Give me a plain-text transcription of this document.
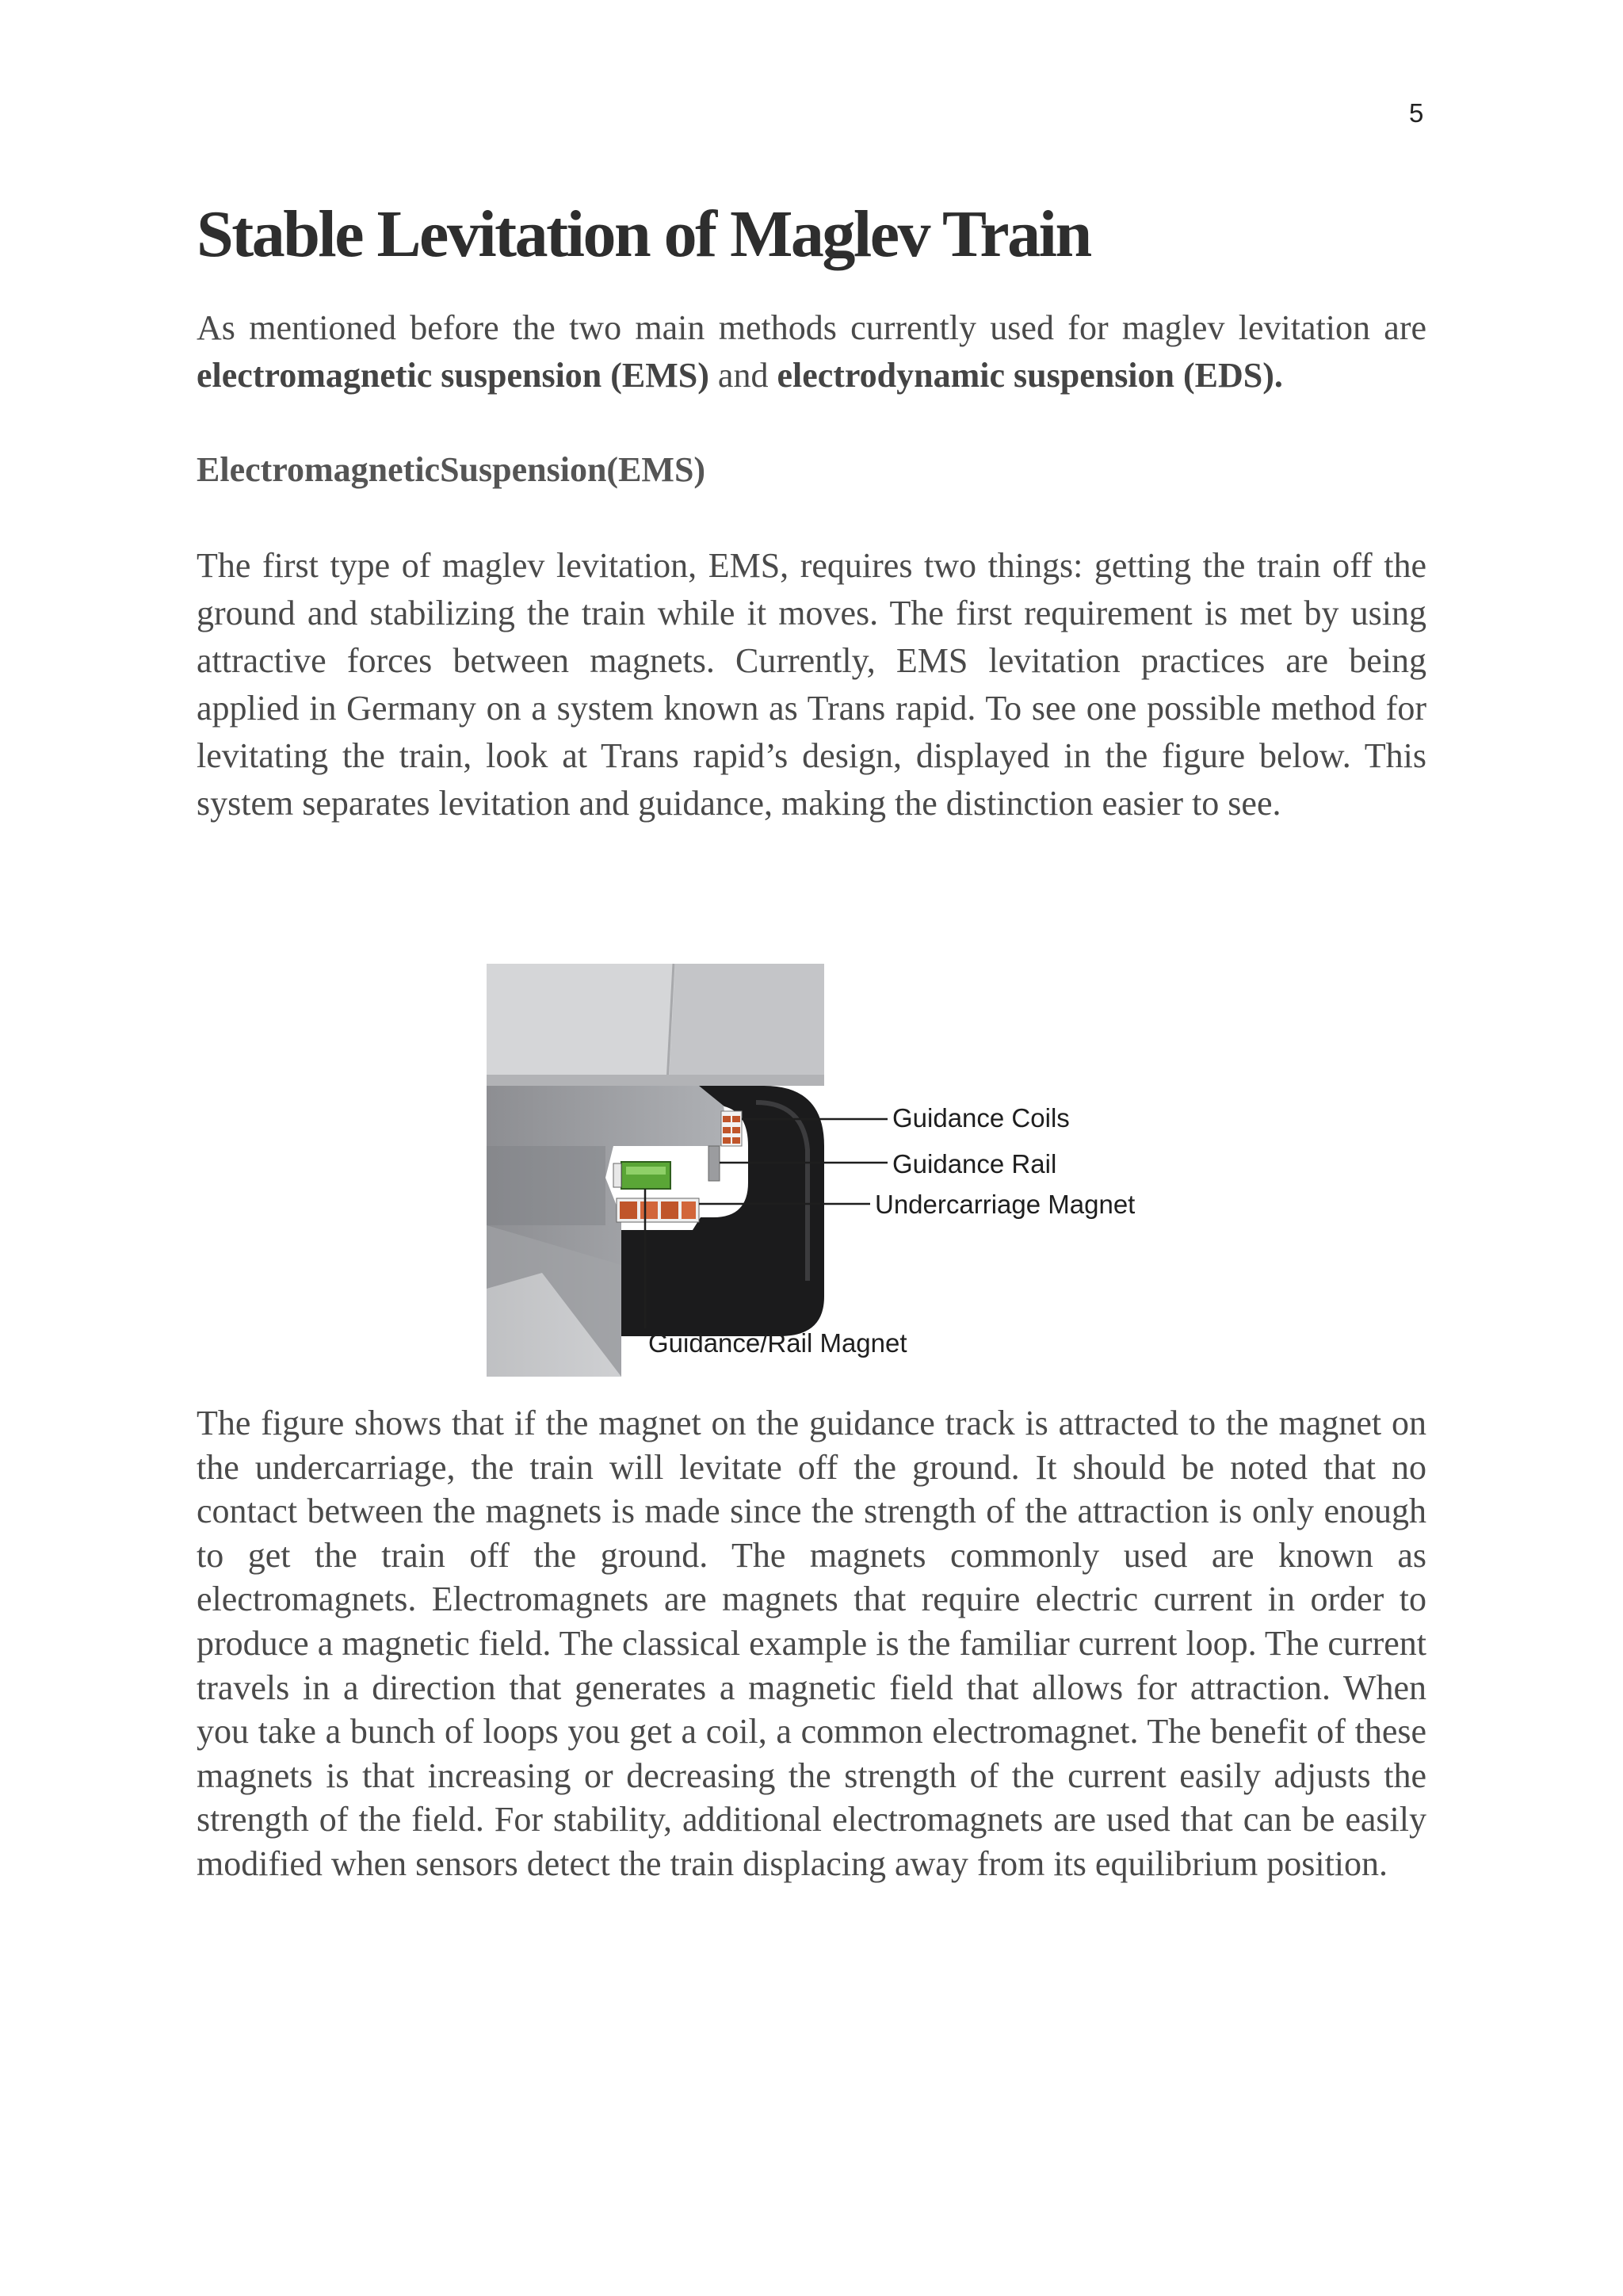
5
Stable Levitation of Maglev Train

As mentioned before the two main methods currently used for maglev levitation are electromagnetic suspension (EMS) and electrodynamic suspension (EDS).

ElectromagneticSuspension(EMS)

The first type of maglev levitation, EMS, requires two things: getting the train off the ground and stabilizing the train while it moves. The first requirement is met by using attractive forces between magnets. Currently, EMS levitation practices are being applied in Germany on a system known as Trans rapid. To see one possible method for levitating the train, look at Trans rapid’s design, displayed in the figure below. This system separates levitation and guidance, making the distinction easier to see.

Guidance Coils
Guidance Rail
Undercarriage Magnet
Guidance/Rail Magnet

The figure shows that if the magnet on the guidance track is attracted to the magnet on the undercarriage, the train will levitate off the ground. It should be noted that no contact between the magnets is made since the strength of the attraction is only enough to get the train off the ground. The magnets commonly used are known as electromagnets. Electromagnets are magnets that require electric current in order to produce a magnetic field. The classical example is the familiar current loop. The current travels in a direction that generates a magnetic field that allows for attraction. When you take a bunch of loops you get a coil, a common electromagnet. The benefit of these magnets is that increasing or decreasing the strength of the current easily adjusts the strength of the field. For stability, additional electromagnets are used that can be easily modified when sensors detect the train displacing away from its equilibrium position.
